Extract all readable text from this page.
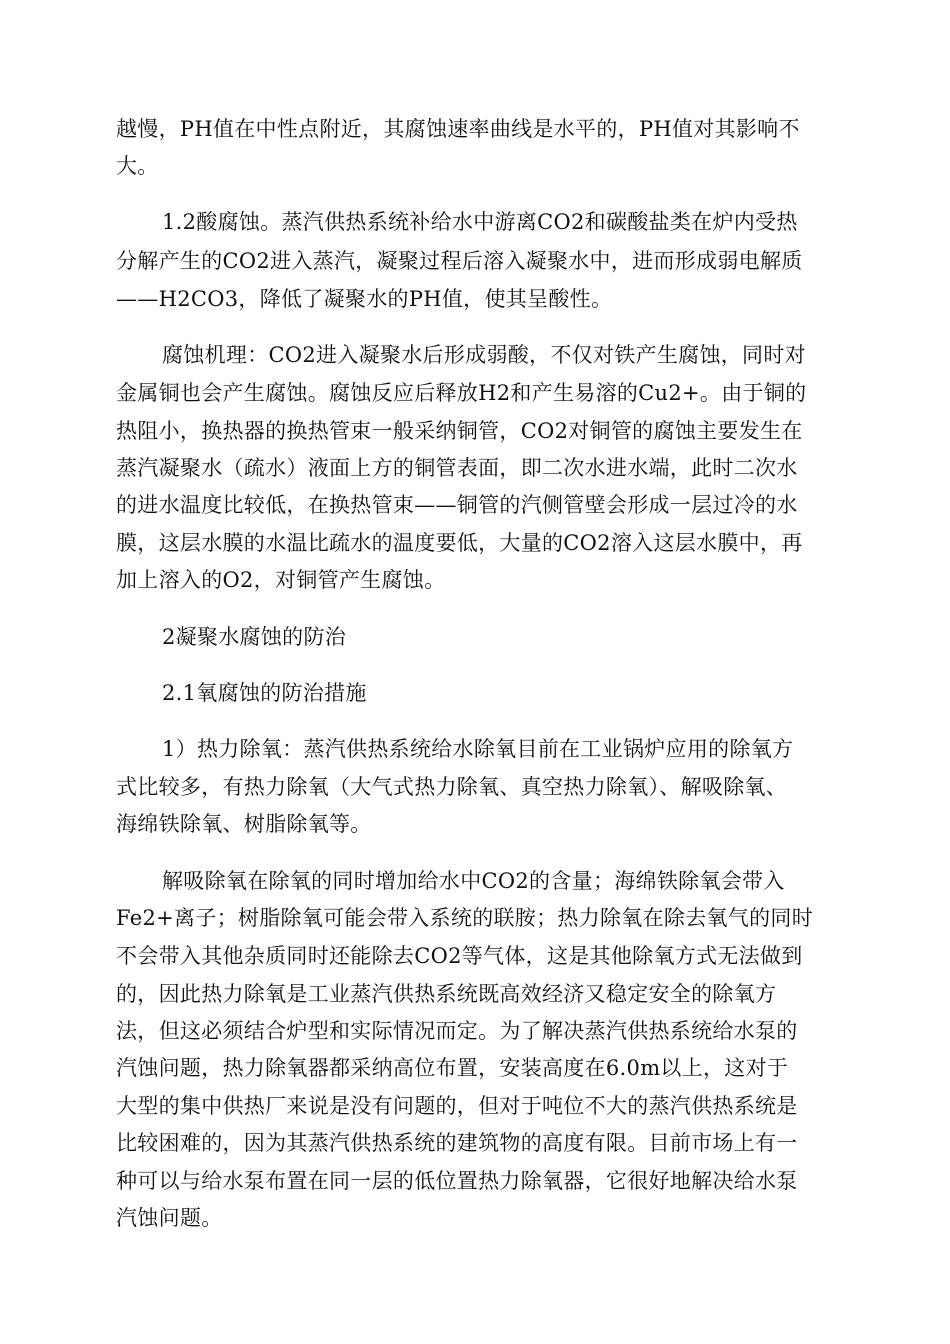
越慢，PH值在中性点附近，其腐蚀速率曲线是水平的，PH值对其影响不
大。
1.2酸腐蚀。蒸汽供热系统补给水中游离CO2和碳酸盐类在炉内受热
分解产生的CO2进入蒸汽，凝聚过程后溶入凝聚水中，进而形成弱电解质
——H2CO3，降低了凝聚水的PH值，使其呈酸性。
腐蚀机理：CO2进入凝聚水后形成弱酸，不仅对铁产生腐蚀，同时对
金属铜也会产生腐蚀。腐蚀反应后释放H2和产生易溶的Cu2+。由于铜的
热阻小，换热器的换热管束一般采纳铜管，CO2对铜管的腐蚀主要发生在
蒸汽凝聚水（疏水）液面上方的铜管表面，即二次水进水端，此时二次水
的进水温度比较低，在换热管束——铜管的汽侧管壁会形成一层过冷的水
膜，这层水膜的水温比疏水的温度要低，大量的CO2溶入这层水膜中，再
加上溶入的O2，对铜管产生腐蚀。
2凝聚水腐蚀的防治
2.1氧腐蚀的防治措施
1）热力除氧：蒸汽供热系统给水除氧目前在工业锅炉应用的除氧方
式比较多，有热力除氧（大气式热力除氧、真空热力除氧）、解吸除氧、
海绵铁除氧、树脂除氧等。
解吸除氧在除氧的同时增加给水中CO2的含量；海绵铁除氧会带入
Fe2+离子；树脂除氧可能会带入系统的联胺；热力除氧在除去氧气的同时
不会带入其他杂质同时还能除去CO2等气体，这是其他除氧方式无法做到
的，因此热力除氧是工业蒸汽供热系统既高效经济又稳定安全的除氧方
法，但这必须结合炉型和实际情况而定。为了解决蒸汽供热系统给水泵的
汽蚀问题，热力除氧器都采纳高位布置，安装高度在6.0m以上，这对于
大型的集中供热厂来说是没有问题的，但对于吨位不大的蒸汽供热系统是
比较困难的，因为其蒸汽供热系统的建筑物的高度有限。目前市场上有一
种可以与给水泵布置在同一层的低位置热力除氧器，它很好地解决给水泵
汽蚀问题。
